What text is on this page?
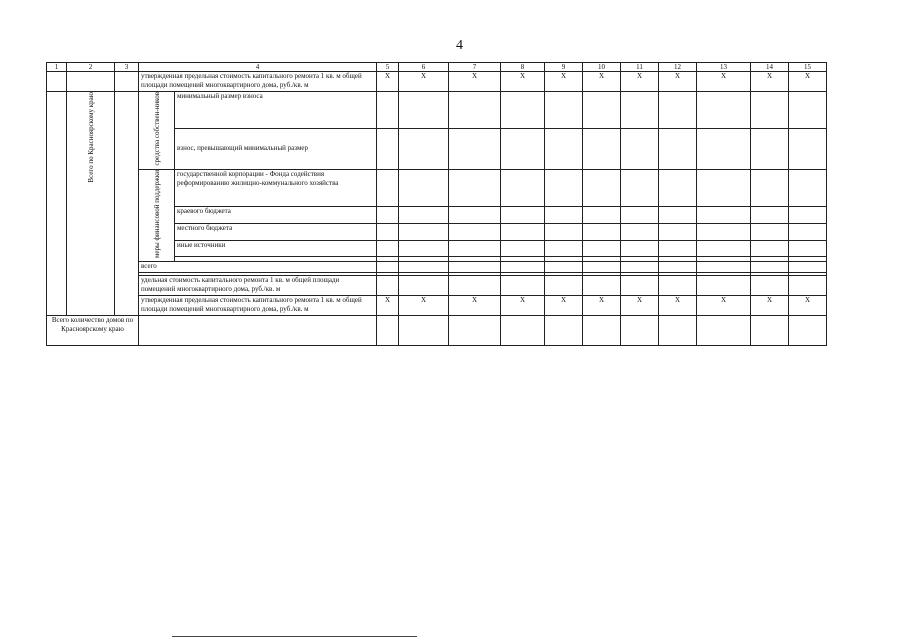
4
1	2	3	4		5	6	7	8	9	10	11	12	13	14	15
			утвержденная предельная стоимость капитального ремонта 1 кв. м общей площади помещений многоквартирного дома, руб./кв. м		X	X	X	X	X	X	X	X	X	X	X
	Всего по Красноярскому краю		средства собствен-ников	минимальный размер взноса											
				взнос, превышающий минимальный размер											
			меры финансовой поддержки	государственной корпорации - Фонда содействия реформированию жилищно-коммунального хозяйства											
				краевого бюджета											
				местного бюджета											
				иные источники											

			всего												

			удельная стоимость капитального ремонта 1 кв. м общей площади помещений многоквартирного дома, руб./кв. м												
			утвержденная предельная стоимость капитального ремонта 1 кв. м общей площади помещений многоквартирного дома, руб./кв. м		X	X	X	X	X	X	X	X	X	X	X
Всего количество домов по Красноярскому краю															
